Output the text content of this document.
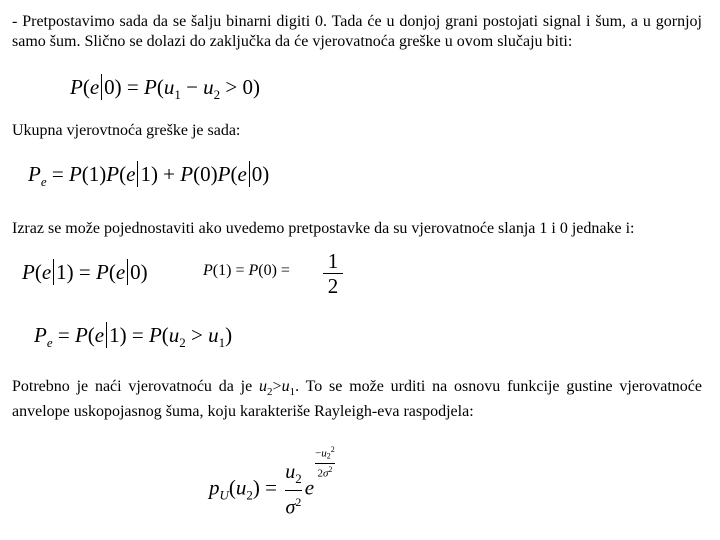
- Pretpostavimo sada da se šalju binarni digiti 0. Tada će u donjoj grani postojati signal i šum, a u gornjoj samo šum. Slično se dolazi do zaključka da će vjerovatnoća greške u ovom slučaju biti:
P(e $0) = P(u_1 - u_2 > 0)$
Ukupna vjerovtnoća greške je sada:
$P_e = P(1)P(e$ 1) + P(0)P(e 0)
Izraz se može pojednostaviti ako uvedemo pretpostavke da su vjerovatnoće slanja 1 i 0 jednake i:
P(e 1) = P(e 0)	P(1) = P(0) = 1
2
$P_e = P(e$ $1) = P(u_2 > u_1)$
Potrebno je naći vjerovatnoću da je $u_2>u_1$. To se može urditi na osnovu funkcije gustine vjerovatnoće anvelope uskopojasnog šuma, koju karakteriše Rayleigh-eva raspodjela:
$p_U(u_2) = \frac{u_2}{\sigma^2}$ e
$\frac{-u_2^2}{2\sigma^2}$
